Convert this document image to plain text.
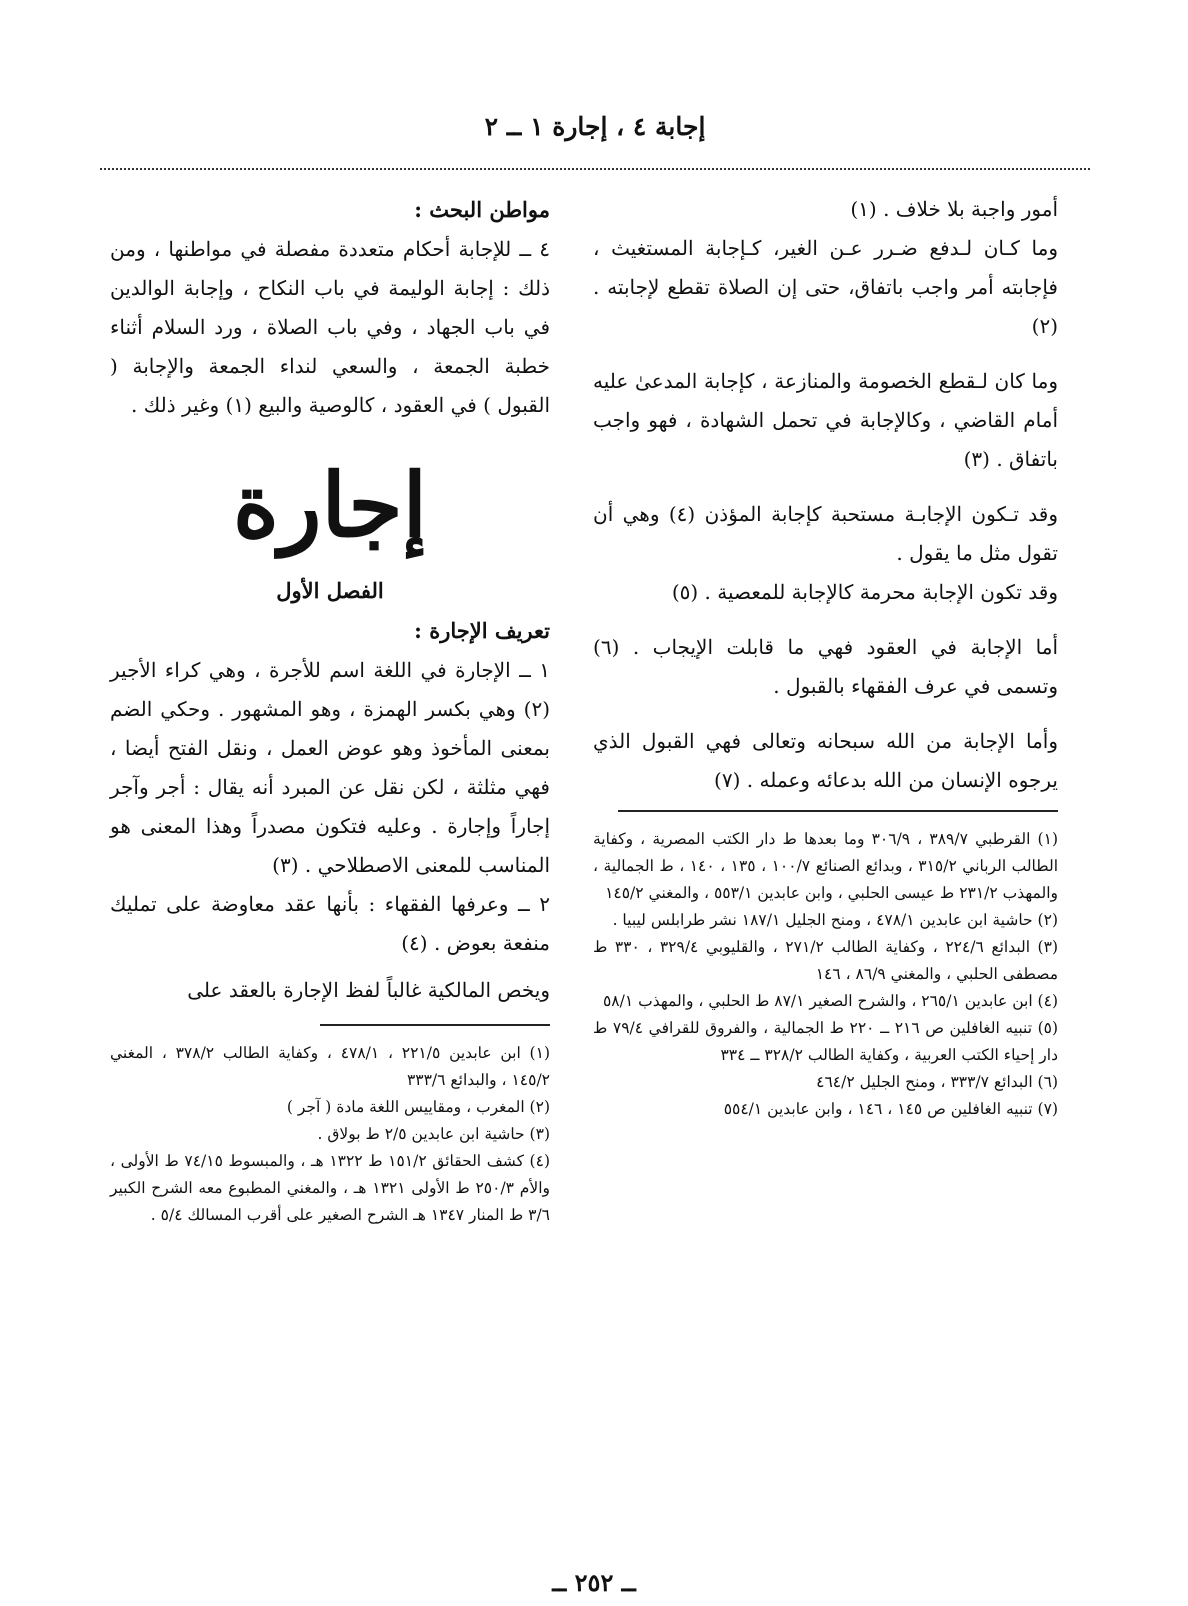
إجابة ٤ ، إجارة ١ ــ ٢

أمور واجبة بلا خلاف . (١)

وما كـان لـدفع ضـرر عـن الغير، كـإجابة المستغيث ، فإجابته أمر واجب باتفاق، حتى إن الصلاة تقطع لإجابته . (٢)

وما كان لـقطع الخصومة والمنازعة ، كإجابة المدعىٰ عليه أمام القاضي ، وكالإجابة في تحمل الشهادة ، فهو واجب باتفاق . (٣)

وقد تـكون الإجابـة مستحبة كإجابة المؤذن (٤) وهي أن تقول مثل ما يقول .

وقد تكون الإجابة محرمة كالإجابة للمعصية . (٥)

أما الإجابة في العقود فهي ما قابلت الإيجاب . (٦) وتسمى في عرف الفقهاء بالقبول .

وأما الإجابة من الله سبحانه وتعالى فهي القبول الذي يرجوه الإنسان من الله بدعائه وعمله . (٧)

(١) القرطبي ٣٨٩/٧ ، ٣٠٦/٩ وما بعدها ط دار الكتب المصرية ، وكفاية الطالب الرباني ٣١٥/٢ ، وبدائع الصنائع ١٠٠/٧ ، ١٣٥ ، ١٤٠ ، ط الجمالية ، والمهذب ٢٣١/٢ ط عيسى الحلبي ، وابن عابدين ٥٥٣/١ ، والمغني ١٤٥/٢

(٢) حاشية ابن عابدين ٤٧٨/١ ، ومنح الجليل ١٨٧/١ نشر طرابلس ليبيا .

(٣) البدائع ٢٢٤/٦ ، وكفاية الطالب ٢٧١/٢ ، والقليوبي ٣٢٩/٤ ، ٣٣٠ ط مصطفى الحلبي ، والمغني ٨٦/٩ ، ١٤٦

(٤) ابن عابدين ٢٦٥/١ ، والشرح الصغير ٨٧/١ ط الحلبي ، والمهذب ٥٨/١

(٥) تنبيه الغافلين ص ٢١٦ ــ ٢٢٠ ط الجمالية ، والفروق للقرافي ٧٩/٤ ط دار إحياء الكتب العربية ، وكفاية الطالب ٣٢٨/٢ ــ ٣٣٤

(٦) البدائع ٣٣٣/٧ ، ومنح الجليل ٤٦٤/٢

(٧) تنبيه الغافلين ص ١٤٥ ، ١٤٦ ، وابن عابدين ٥٥٤/١

مواطن البحث :

٤ ــ للإجابة أحكام متعددة مفصلة في مواطنها ، ومن ذلك : إجابة الوليمة في باب النكاح ، وإجابة الوالدين في باب الجهاد ، وفي باب الصلاة ، ورد السلام أثناء خطبة الجمعة ، والسعي لنداء الجمعة والإجابة ( القبول ) في العقود ، كالوصية والبيع (١) وغير ذلك .

إجارة
الفصل الأول
تعريف الإجارة :

١ ــ الإجارة في اللغة اسم للأجرة ، وهي كراء الأجير (٢) وهي بكسر الهمزة ، وهو المشهور . وحكي الضم بمعنى المأخوذ وهو عوض العمل ، ونقل الفتح أيضا ، فهي مثلثة ، لكن نقل عن المبرد أنه يقال : أجر وآجر إجاراً وإجارة . وعليه فتكون مصدراً وهذا المعنى هو المناسب للمعنى الاصطلاحي . (٣)

٢ ــ وعرفها الفقهاء : بأنها عقد معاوضة على تمليك منفعة بعوض . (٤)

ويخص المالكية غالباً لفظ الإجارة بالعقد على

(١) ابن عابدين ٢٢١/٥ ، ٤٧٨/١ ، وكفاية الطالب ٣٧٨/٢ ، المغني ١٤٥/٢ ، والبدائع ٣٣٣/٦

(٢) المغرب ، ومقاييس اللغة مادة ( آجر )

(٣) حاشية ابن عابدين ٢/٥ ط بولاق .

(٤) كشف الحقائق ١٥١/٢ ط ١٣٢٢ هـ ، والمبسوط ٧٤/١٥ ط الأولى ، والأم ٢٥٠/٣ ط الأولى ١٣٢١ هـ ، والمغني المطبوع معه الشرح الكبير ٣/٦ ط المنار ١٣٤٧ هـ الشرح الصغير على أقرب المسالك ٥/٤ .

ــ ٢٥٢ ــ
